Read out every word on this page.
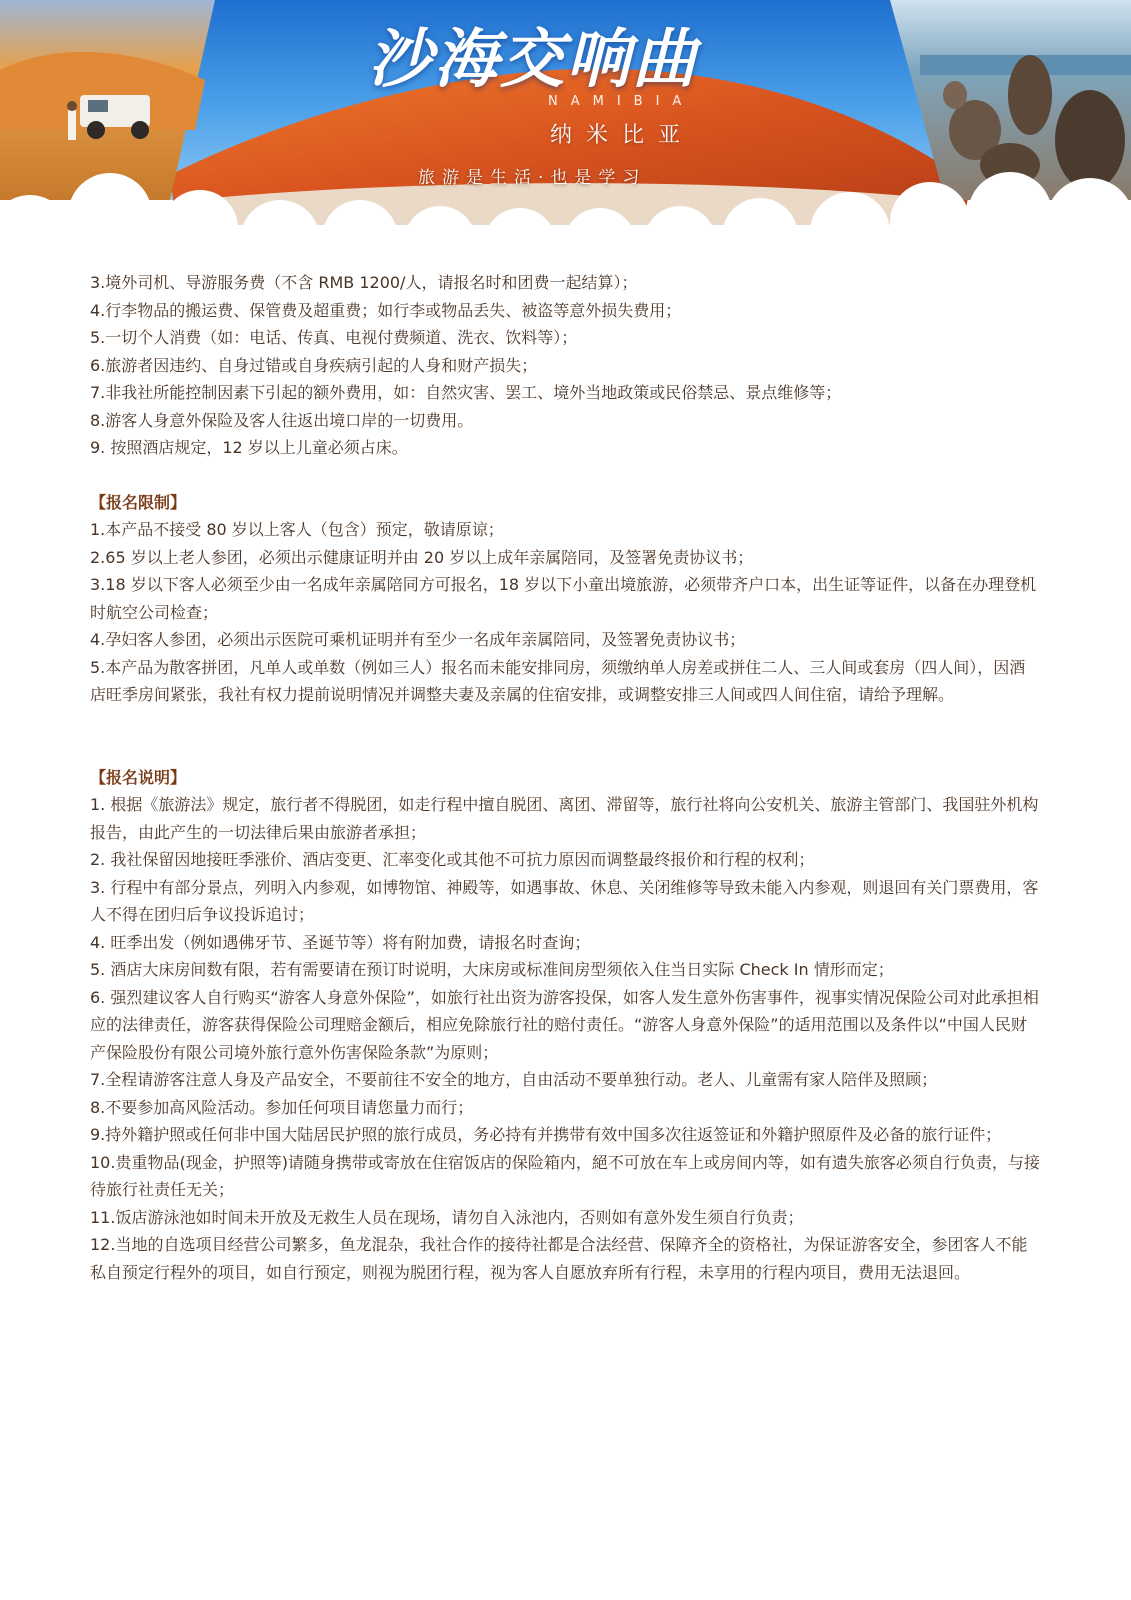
沙海交响曲
NAMIBIA
纳米比亚
旅游是生活·也是学习

3.境外司机、导游服务费（不含 RMB 1200/人，请报名时和团费一起结算）；

4.行李物品的搬运费、保管费及超重费；如行李或物品丢失、被盗等意外损失费用；

5.一切个人消费（如：电话、传真、电视付费频道、洗衣、饮料等）；

6.旅游者因违约、自身过错或自身疾病引起的人身和财产损失；

7.非我社所能控制因素下引起的额外费用，如：自然灾害、罢工、境外当地政策或民俗禁忌、景点维修等；

8.游客人身意外保险及客人往返出境口岸的一切费用。

9. 按照酒店规定，12 岁以上儿童必须占床。

【报名限制】

1.本产品不接受 80 岁以上客人（包含）预定，敬请原谅；

2.65 岁以上老人参团，必须出示健康证明并由 20 岁以上成年亲属陪同，及签署免责协议书；

3.18 岁以下客人必须至少由一名成年亲属陪同方可报名，18 岁以下小童出境旅游，必须带齐户口本，出生证等证件，以备在办理登机时航空公司检查；

4.孕妇客人参团，必须出示医院可乘机证明并有至少一名成年亲属陪同，及签署免责协议书；

5.本产品为散客拼团，凡单人或单数（例如三人）报名而未能安排同房，须缴纳单人房差或拼住二人、三人间或套房（四人间），因酒店旺季房间紧张，我社有权力提前说明情况并调整夫妻及亲属的住宿安排，或调整安排三人间或四人间住宿，请给予理解。

【报名说明】

1. 根据《旅游法》规定，旅行者不得脱团，如走行程中擅自脱团、离团、滞留等，旅行社将向公安机关、旅游主管部门、我国驻外机构报告，由此产生的一切法律后果由旅游者承担；

2. 我社保留因地接旺季涨价、酒店变更、汇率变化或其他不可抗力原因而调整最终报价和行程的权利；

3. 行程中有部分景点，列明入内参观，如博物馆、神殿等，如遇事故、休息、关闭维修等导致未能入内参观，则退回有关门票费用，客人不得在团归后争议投诉追讨；

4. 旺季出发（例如遇佛牙节、圣诞节等）将有附加费，请报名时查询；

5. 酒店大床房间数有限，若有需要请在预订时说明，大床房或标准间房型须依入住当日实际 Check In 情形而定；

6. 强烈建议客人自行购买“游客人身意外保险”，如旅行社出资为游客投保，如客人发生意外伤害事件，视事实情况保险公司对此承担相应的法律责任，游客获得保险公司理赔金额后，相应免除旅行社的赔付责任。“游客人身意外保险”的适用范围以及条件以“中国人民财产保险股份有限公司境外旅行意外伤害保险条款”为原则；

7.全程请游客注意人身及产品安全，不要前往不安全的地方，自由活动不要单独行动。老人、儿童需有家人陪伴及照顾；

8.不要参加高风险活动。参加任何项目请您量力而行；

9.持外籍护照或任何非中国大陆居民护照的旅行成员，务必持有并携带有效中国多次往返签证和外籍护照原件及必备的旅行证件；

10.贵重物品(现金，护照等)请随身携带或寄放在住宿饭店的保险箱内，絕不可放在车上或房间内等，如有遗失旅客必须自行负责，与接待旅行社责任无关；

11.饭店游泳池如时间未开放及无救生人员在现场，请勿自入泳池内，否则如有意外发生须自行负责；

12.当地的自选项目经营公司繁多，鱼龙混杂，我社合作的接待社都是合法经营、保障齐全的资格社，为保证游客安全，参团客人不能私自预定行程外的项目，如自行预定，则视为脱团行程，视为客人自愿放弃所有行程，未享用的行程内项目，费用无法退回。
